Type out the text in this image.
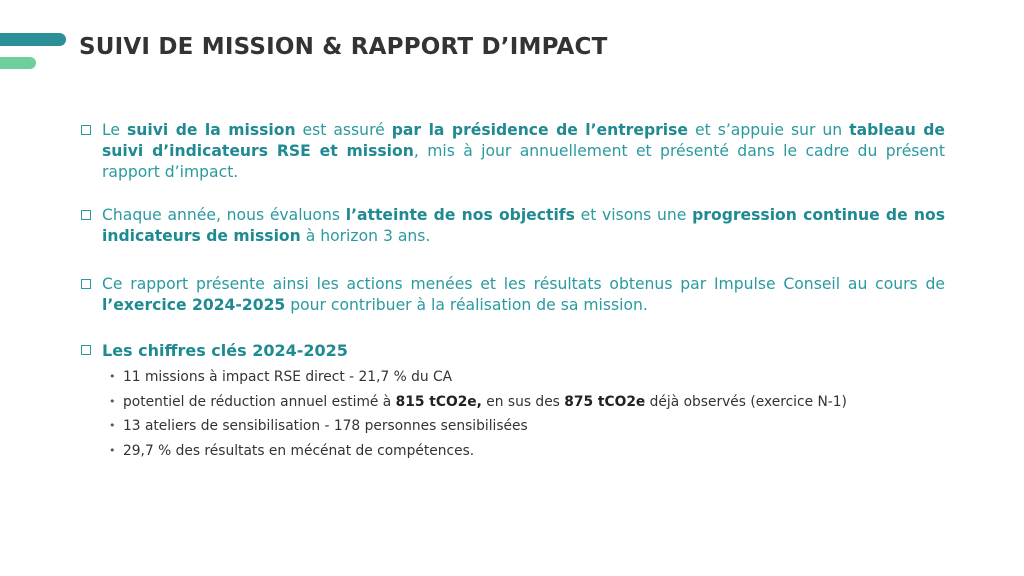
SUIVI DE MISSION & RAPPORT D’IMPACT
Le suivi de la mission est assuré par la présidence de l’entreprise et s’appuie sur un tableau de suivi d’indicateurs RSE et mission, mis à jour annuellement et présenté dans le cadre du présent rapport d’impact.
Chaque année, nous évaluons l’atteinte de nos objectifs et visons une progression continue de nos indicateurs de mission à horizon 3 ans.
Ce rapport présente ainsi les actions menées et les résultats obtenus par Impulse Conseil au cours de l’exercice 2024-2025 pour contribuer à la réalisation de sa mission.
Les chiffres clés 2024-2025
• 11 missions à impact RSE direct - 21,7 % du CA
• potentiel de réduction annuel estimé à 815 tCO2e, en sus des 875 tCO2e déjà observés (exercice N-1)
• 13 ateliers de sensibilisation - 178 personnes sensibilisées
• 29,7 % des résultats en mécénat de compétences.
